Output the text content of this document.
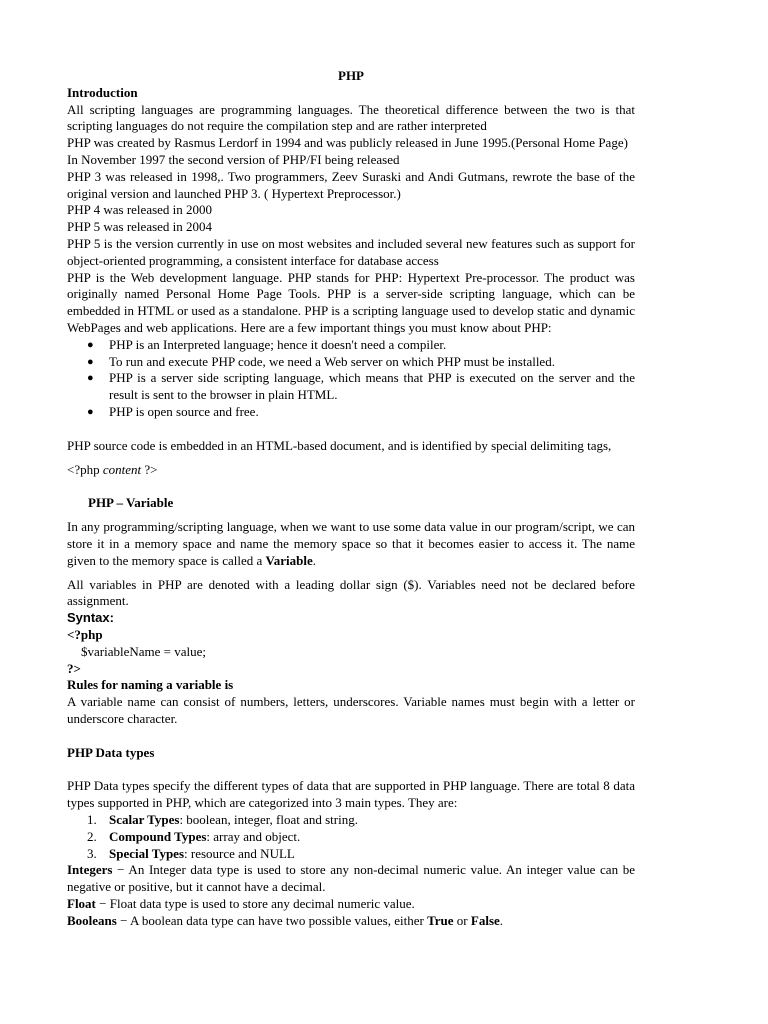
PHP

Introduction

All scripting languages are programming languages. The theoretical difference between the two is that scripting languages do not require the compilation step and are rather interpreted

PHP was created by Rasmus Lerdorf in 1994 and was publicly released in June 1995.(Personal Home Page)

In November 1997 the second version of PHP/FI being released

PHP 3 was released in 1998,. Two programmers, Zeev Suraski and Andi Gutmans, rewrote the base of the original version and launched PHP 3. ( Hypertext Preprocessor.)

PHP 4 was released in 2000

PHP 5 was released in 2004

PHP 5 is the version currently in use on most websites and included several new features such as support for object-oriented programming, a consistent interface for database access

PHP is the Web development language. PHP stands for PHP: Hypertext Pre-processor. The product was originally named Personal Home Page Tools. PHP is a server-side scripting language, which can be embedded in HTML or used as a standalone. PHP is a scripting language used to develop static and dynamic WebPages and web applications. Here are a few important things you must know about PHP:

● PHP is an Interpreted language; hence it doesn't need a compiler.
● To run and execute PHP code, we need a Web server on which PHP must be installed.
● PHP is a server side scripting language, which means that PHP is executed on the server and the result is sent to the browser in plain HTML.
● PHP is open source and free.

PHP source code is embedded in an HTML-based document, and is identified by special delimiting tags,

<?php content ?>

PHP – Variable

In any programming/scripting language, when we want to use some data value in our program/script, we can store it in a memory space and name the memory space so that it becomes easier to access it. The name given to the memory space is called a Variable.

All variables in PHP are denoted with a leading dollar sign ($). Variables need not be declared before assignment.

Syntax:

<?php

$variableName = value;

?>

Rules for naming a variable is

A variable name can consist of numbers, letters, underscores. Variable names must begin with a letter or underscore character.

PHP Data types

PHP Data types specify the different types of data that are supported in PHP language. There are total 8 data types supported in PHP, which are categorized into 3 main types. They are:

1. Scalar Types: boolean, integer, float and string.
2. Compound Types: array and object.
3. Special Types: resource and NULL

Integers − An Integer data type is used to store any non-decimal numeric value. An integer value can be negative or positive, but it cannot have a decimal.

Float − Float data type is used to store any decimal numeric value.

Booleans − A boolean data type can have two possible values, either True or False.
